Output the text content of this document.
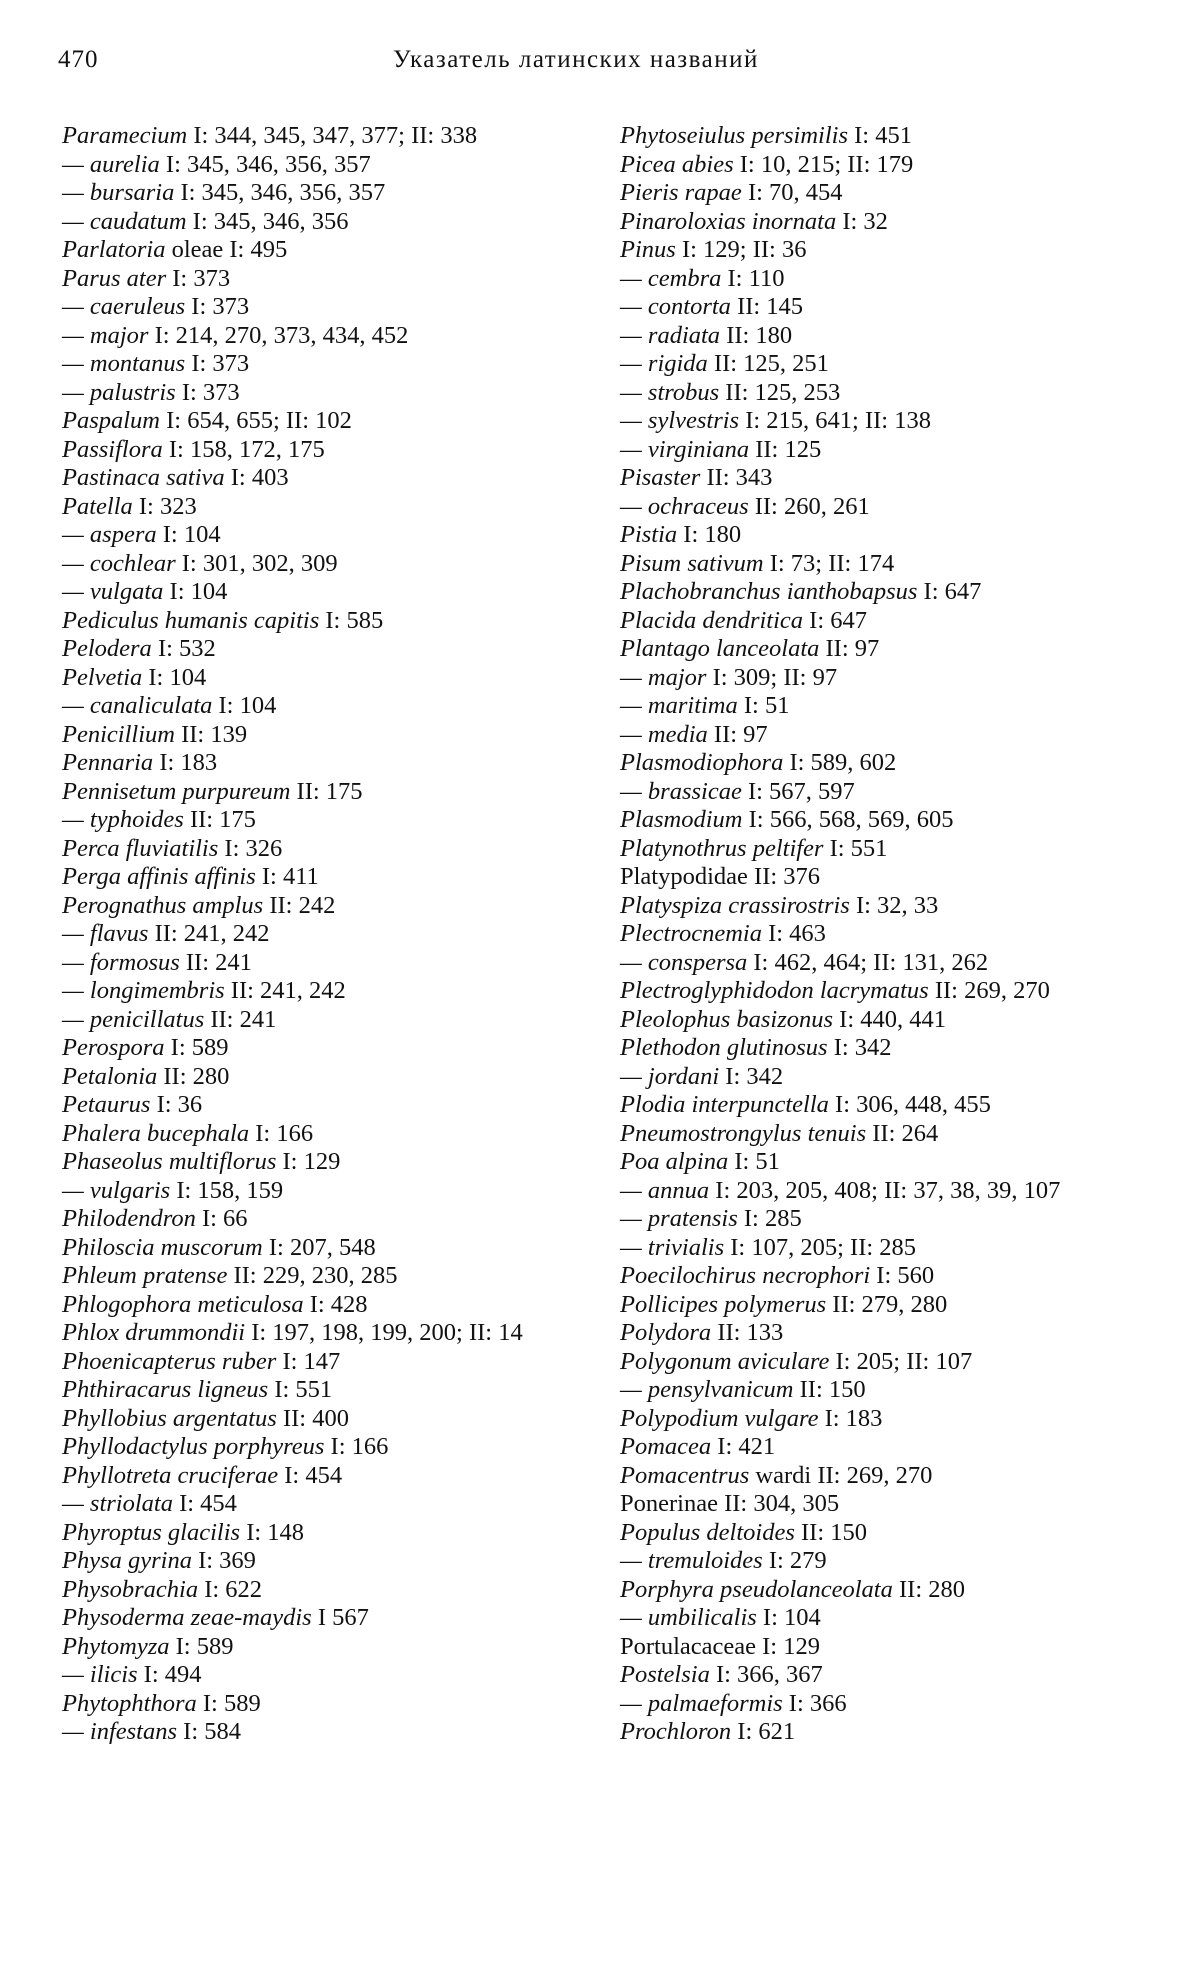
470	Указатель латинских названий
Paramecium I: 344, 345, 347, 377; II: 338
— aurelia I: 345, 346, 356, 357
— bursaria I: 345, 346, 356, 357
— caudatum I: 345, 346, 356
Parlatoria oleae I: 495
Parus ater I: 373
— caeruleus I: 373
— major I: 214, 270, 373, 434, 452
— montanus I: 373
— palustris I: 373
Paspalum I: 654, 655; II: 102
Passiflora I: 158, 172, 175
Pastinaca sativa I: 403
Patella I: 323
— aspera I: 104
— cochlear I: 301, 302, 309
— vulgata I: 104
Pediculus humanis capitis I: 585
Pelodera I: 532
Pelvetia I: 104
— canaliculata I: 104
Penicillium II: 139
Pennaria I: 183
Pennisetum purpureum II: 175
— typhoides II: 175
Perca fluviatilis I: 326
Perga affinis affinis I: 411
Perognathus amplus II: 242
— flavus II: 241, 242
— formosus II: 241
— longimembris II: 241, 242
— penicillatus II: 241
Perospora I: 589
Petalonia II: 280
Petaurus I: 36
Phalera bucephala I: 166
Phaseolus multiflorus I: 129
— vulgaris I: 158, 159
Philodendron I: 66
Philoscia muscorum I: 207, 548
Phleum pratense II: 229, 230, 285
Phlogophora meticulosa I: 428
Phlox drummondii I: 197, 198, 199, 200; II: 14
Phoenicapterus ruber I: 147
Phthiracarus ligneus I: 551
Phyllobius argentatus II: 400
Phyllodactylus porphyreus I: 166
Phyllotreta cruciferae I: 454
— striolata I: 454
Phyroptus glacilis I: 148
Physa gyrina I: 369
Physobrachia I: 622
Physoderma zeae-maydis I 567
Phytomyza I: 589
— ilicis I: 494
Phytophthora I: 589
— infestans I: 584
Phytoseiulus persimilis I: 451
Picea abies I: 10, 215; II: 179
Pieris rapae I: 70, 454
Pinaroloxias inornata I: 32
Pinus I: 129; II: 36
— cembra I: 110
— contorta II: 145
— radiata II: 180
— rigida II: 125, 251
— strobus II: 125, 253
— sylvestris I: 215, 641; II: 138
— virginiana II: 125
Pisaster II: 343
— ochraceus II: 260, 261
Pistia I: 180
Pisum sativum I: 73; II: 174
Plachobranchus ianthobapsus I: 647
Placida dendritica I: 647
Plantago lanceolata II: 97
— major I: 309; II: 97
— maritima I: 51
— media II: 97
Plasmodiophora I: 589, 602
— brassicae I: 567, 597
Plasmodium I: 566, 568, 569, 605
Platynothrus peltifer I: 551
Platypodidae II: 376
Platyspiza crassirostris I: 32, 33
Plectrocnemia I: 463
— conspersa I: 462, 464; II: 131, 262
Plectroglyphidodon lacrymatus II: 269, 270
Pleolophus basizonus I: 440, 441
Plethodon glutinosus I: 342
— jordani I: 342
Plodia interpunctella I: 306, 448, 455
Pneumostrongylus tenuis II: 264
Poa alpina I: 51
— annua I: 203, 205, 408; II: 37, 38, 39, 107
— pratensis I: 285
— trivialis I: 107, 205; II: 285
Poecilochirus necrophori I: 560
Pollicipes polymerus II: 279, 280
Polydora II: 133
Polygonum aviculare I: 205; II: 107
— pensylvanicum II: 150
Polypodium vulgare I: 183
Pomacea I: 421
Pomacentrus wardi II: 269, 270
Ponerinae II: 304, 305
Populus deltoides II: 150
— tremuloides I: 279
Porphyra pseudolanceolata II: 280
— umbilicalis I: 104
Portulacaceae I: 129
Postelsia I: 366, 367
— palmaeformis I: 366
Prochloron I: 621
